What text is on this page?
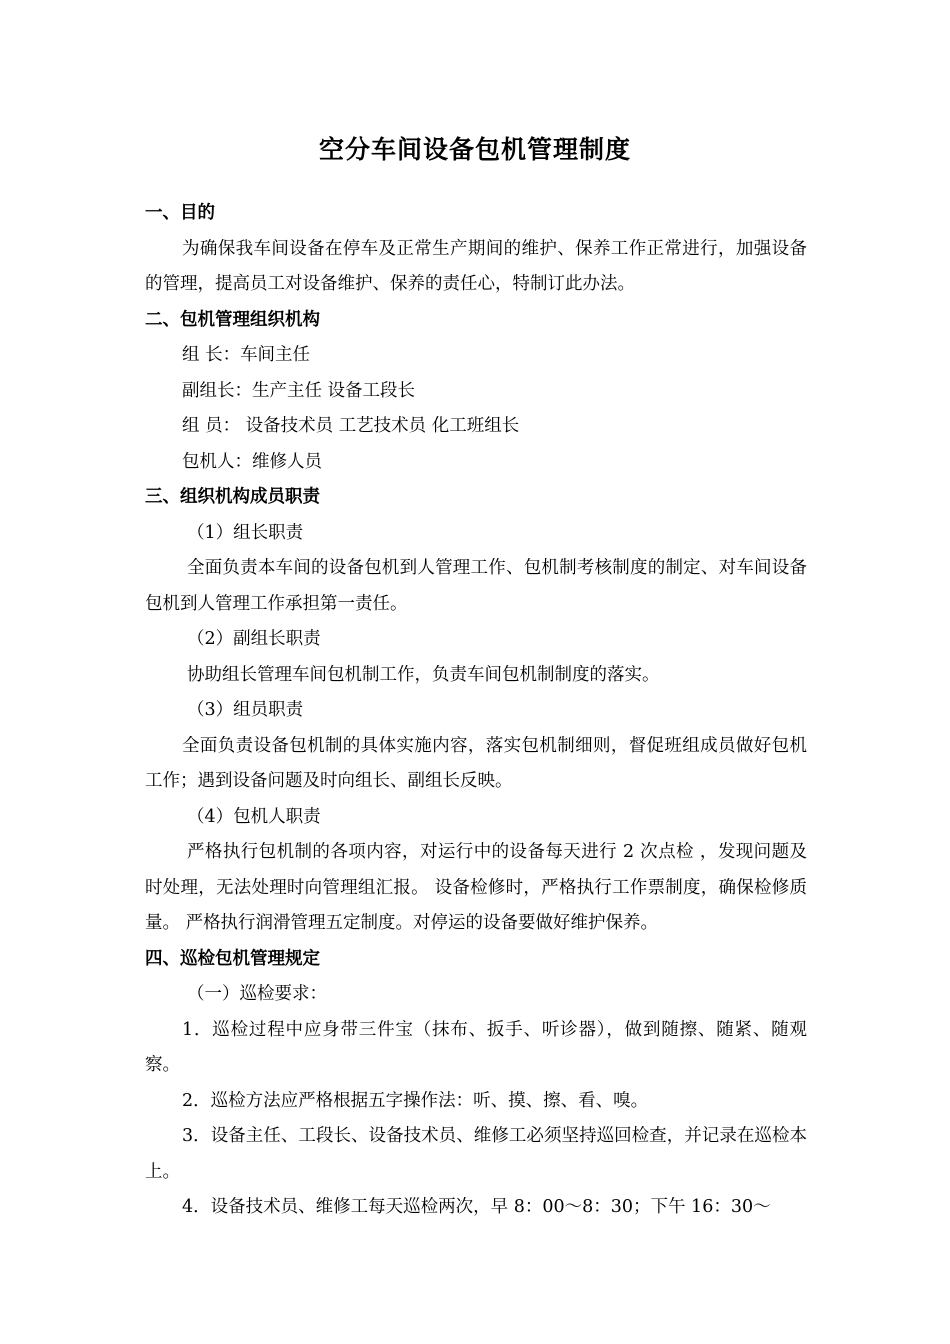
空分车间设备包机管理制度

一、目的

为确保我车间设备在停车及正常生产期间的维护、保养工作正常进行，加强设备的管理，提高员工对设备维护、保养的责任心，特制订此办法。

二、包机管理组织机构

组 长：车间主任

副组长：生产主任 设备工段长

组 员： 设备技术员 工艺技术员 化工班组长

包机人：维修人员

三、组织机构成员职责

（1）组长职责

全面负责本车间的设备包机到人管理工作、包机制考核制度的制定、对车间设备包机到人管理工作承担第一责任。

（2）副组长职责

协助组长管理车间包机制工作，负责车间包机制制度的落实。

（3）组员职责

全面负责设备包机制的具体实施内容，落实包机制细则，督促班组成员做好包机工作；遇到设备问题及时向组长、副组长反映。

（4）包机人职责

严格执行包机制的各项内容，对运行中的设备每天进行 2 次点检 ，发现问题及时处理，无法处理时向管理组汇报。 设备检修时，严格执行工作票制度，确保检修质量。 严格执行润滑管理五定制度。对停运的设备要做好维护保养。

四、巡检包机管理规定

（一）巡检要求：

1．巡检过程中应身带三件宝（抹布、扳手、听诊器），做到随擦、随紧、随观察。

2．巡检方法应严格根据五字操作法：听、摸、擦、看、嗅。

3．设备主任、工段长、设备技术员、维修工必须坚持巡回检查，并记录在巡检本上。

4．设备技术员、维修工每天巡检两次，早 8：00～8：30；下午 16：30～
